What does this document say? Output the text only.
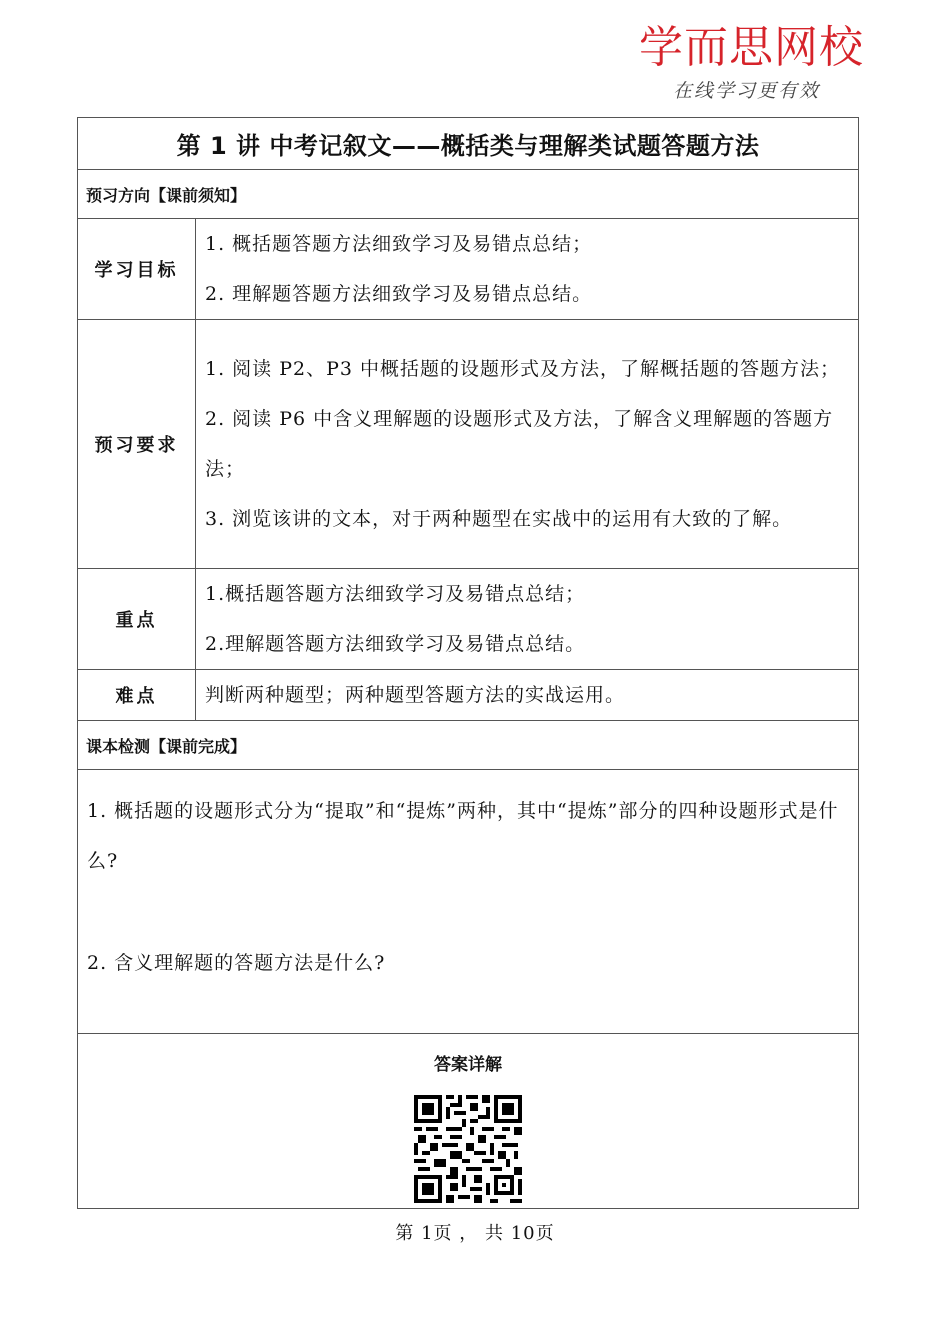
学而思网校
在线学习更有效
第 1 讲 中考记叙文——概括类与理解类试题答题方法	
预习方向【课前须知】	
学习目标	1. 概括题答题方法细致学习及易错点总结；

2. 理解题答题方法细致学习及易错点总结。

预习要求	1. 阅读 P2、P3 中概括题的设题形式及方法，了解概括题的答题方法；

2. 阅读 P6 中含义理解题的设题形式及方法，了解含义理解题的答题方法；

3. 浏览该讲的文本，对于两种题型在实战中的运用有大致的了解。

重点	1.概括题答题方法细致学习及易错点总结；

2.理解题答题方法细致学习及易错点总结。

难点	判断两种题型；两种题型答题方法的实战运用。
课本检测【课前完成】	

1. 概括题的设题形式分为“提取”和“提炼”两种，其中“提炼”部分的四种设题形式是什么?

2. 含义理解题的答题方法是什么?	

答案详解	
第 1页 ， 共 10页
